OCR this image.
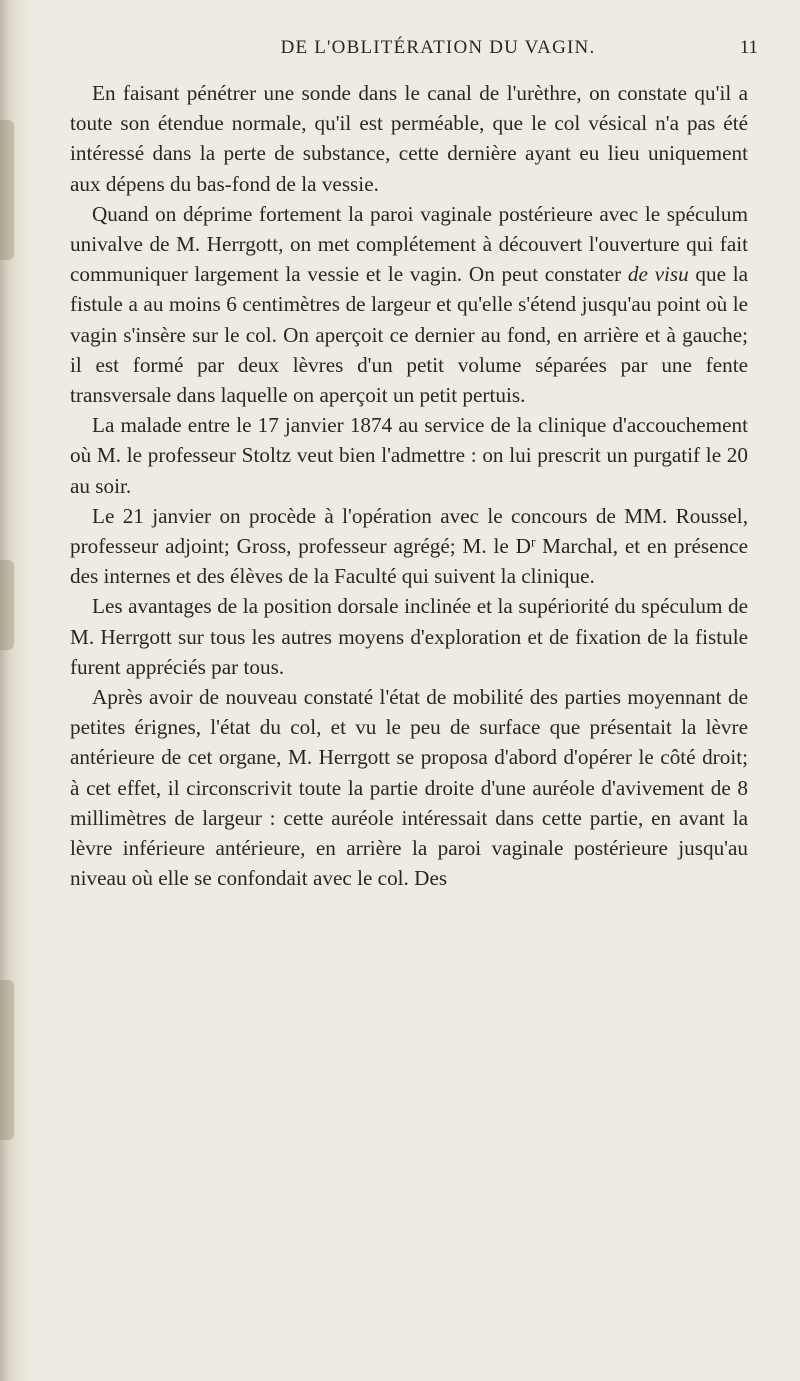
DE L'OBLITÉRATION DU VAGIN.	11

En faisant pénétrer une sonde dans le canal de l'urèthre, on constate qu'il a toute son étendue normale, qu'il est perméable, que le col vésical n'a pas été intéressé dans la perte de substance, cette dernière ayant eu lieu uniquement aux dépens du bas-fond de la vessie.

Quand on déprime fortement la paroi vaginale postérieure avec le spéculum univalve de M. Herrgott, on met complétement à découvert l'ouverture qui fait communiquer largement la vessie et le vagin. On peut constater de visu que la fistule a au moins 6 centimètres de largeur et qu'elle s'étend jusqu'au point où le vagin s'insère sur le col. On aperçoit ce dernier au fond, en arrière et à gauche; il est formé par deux lèvres d'un petit volume séparées par une fente transversale dans laquelle on aperçoit un petit pertuis.

La malade entre le 17 janvier 1874 au service de la clinique d'accouchement où M. le professeur Stoltz veut bien l'admettre : on lui prescrit un purgatif le 20 au soir.

Le 21 janvier on procède à l'opération avec le concours de MM. Roussel, professeur adjoint; Gross, professeur agrégé; M. le $D^r$ Marchal, et en présence des internes et des élèves de la Faculté qui suivent la clinique.

Les avantages de la position dorsale inclinée et la supériorité du spéculum de M. Herrgott sur tous les autres moyens d'exploration et de fixation de la fistule furent appréciés par tous.

Après avoir de nouveau constaté l'état de mobilité des parties moyennant de petites érignes, l'état du col, et vu le peu de surface que présentait la lèvre antérieure de cet organe, M. Herrgott se proposa d'abord d'opérer le côté droit; à cet effet, il circonscrivit toute la partie droite d'une auréole d'avivement de 8 millimètres de largeur : cette auréole intéressait dans cette partie, en avant la lèvre inférieure antérieure, en arrière la paroi vaginale postérieure jusqu'au niveau où elle se confondait avec le col. Des
